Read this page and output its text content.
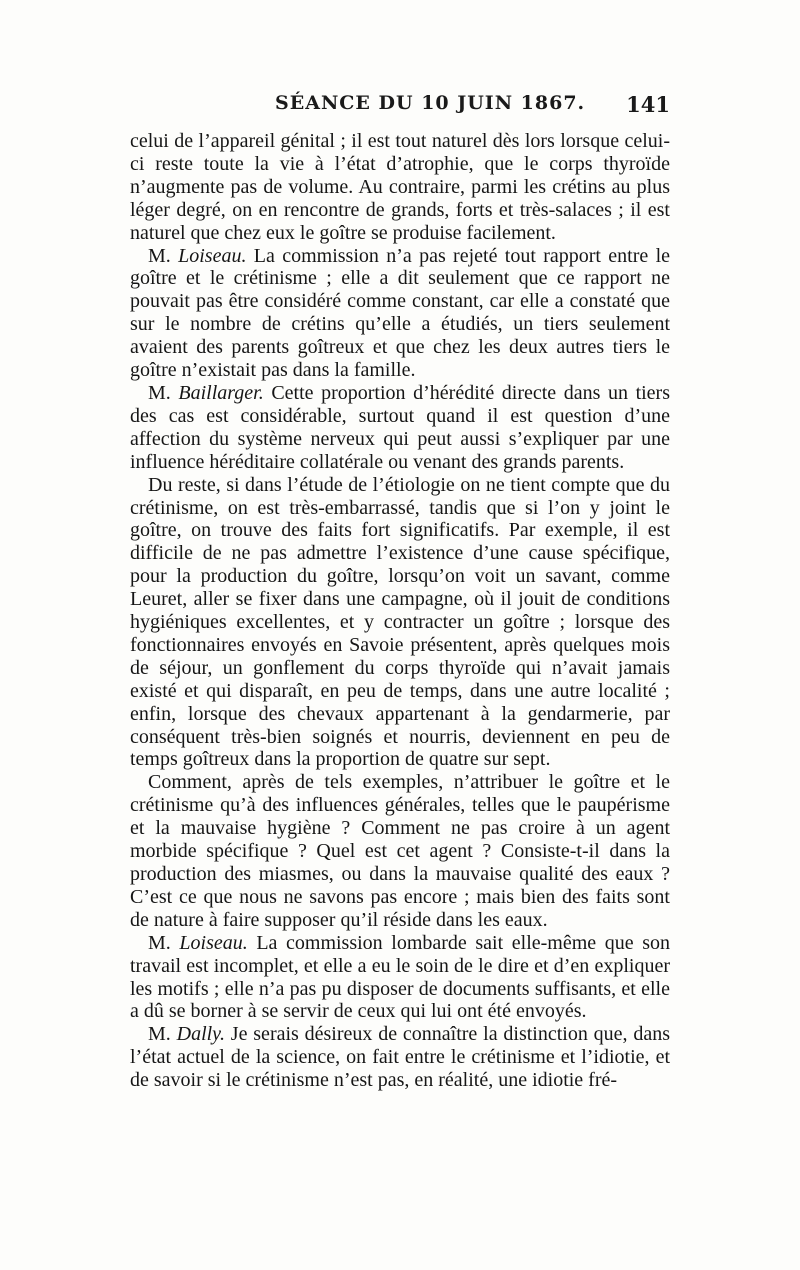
SÉANCE DU 10 JUIN 1867. 141

celui de l’appareil génital ; il est tout naturel dès lors lorsque celui-ci reste toute la vie à l’état d’atrophie, que le corps thyroïde n’augmente pas de volume. Au contraire, parmi les crétins au plus léger degré, on en rencontre de grands, forts et très-salaces ; il est naturel que chez eux le goître se produise facilement.

M. Loiseau. La commission n’a pas rejeté tout rapport entre le goître et le crétinisme ; elle a dit seulement que ce rapport ne pouvait pas être considéré comme constant, car elle a constaté que sur le nombre de crétins qu’elle a étudiés, un tiers seulement avaient des parents goîtreux et que chez les deux autres tiers le goître n’existait pas dans la famille.

M. Baillarger. Cette proportion d’hérédité directe dans un tiers des cas est considérable, surtout quand il est question d’une affection du système nerveux qui peut aussi s’expliquer par une influence héréditaire collatérale ou venant des grands parents.

Du reste, si dans l’étude de l’étiologie on ne tient compte que du crétinisme, on est très-embarrassé, tandis que si l’on y joint le goître, on trouve des faits fort significatifs. Par exemple, il est difficile de ne pas admettre l’existence d’une cause spécifique, pour la production du goître, lorsqu’on voit un savant, comme Leuret, aller se fixer dans une campagne, où il jouit de conditions hygiéniques excellentes, et y contracter un goître ; lorsque des fonctionnaires envoyés en Savoie présentent, après quelques mois de séjour, un gonflement du corps thyroïde qui n’avait jamais existé et qui disparaît, en peu de temps, dans une autre localité ; enfin, lorsque des chevaux appartenant à la gendarmerie, par conséquent très-bien soignés et nourris, deviennent en peu de temps goîtreux dans la proportion de quatre sur sept.

Comment, après de tels exemples, n’attribuer le goître et le crétinisme qu’à des influences générales, telles que le paupérisme et la mauvaise hygiène ? Comment ne pas croire à un agent morbide spécifique ? Quel est cet agent ? Consiste-t-il dans la production des miasmes, ou dans la mauvaise qualité des eaux ? C’est ce que nous ne savons pas encore ; mais bien des faits sont de nature à faire supposer qu’il réside dans les eaux.

M. Loiseau. La commission lombarde sait elle-même que son travail est incomplet, et elle a eu le soin de le dire et d’en expliquer les motifs ; elle n’a pas pu disposer de documents suffisants, et elle a dû se borner à se servir de ceux qui lui ont été envoyés.

M. Dally. Je serais désireux de connaître la distinction que, dans l’état actuel de la science, on fait entre le crétinisme et l’idiotie, et de savoir si le crétinisme n’est pas, en réalité, une idiotie fré-
